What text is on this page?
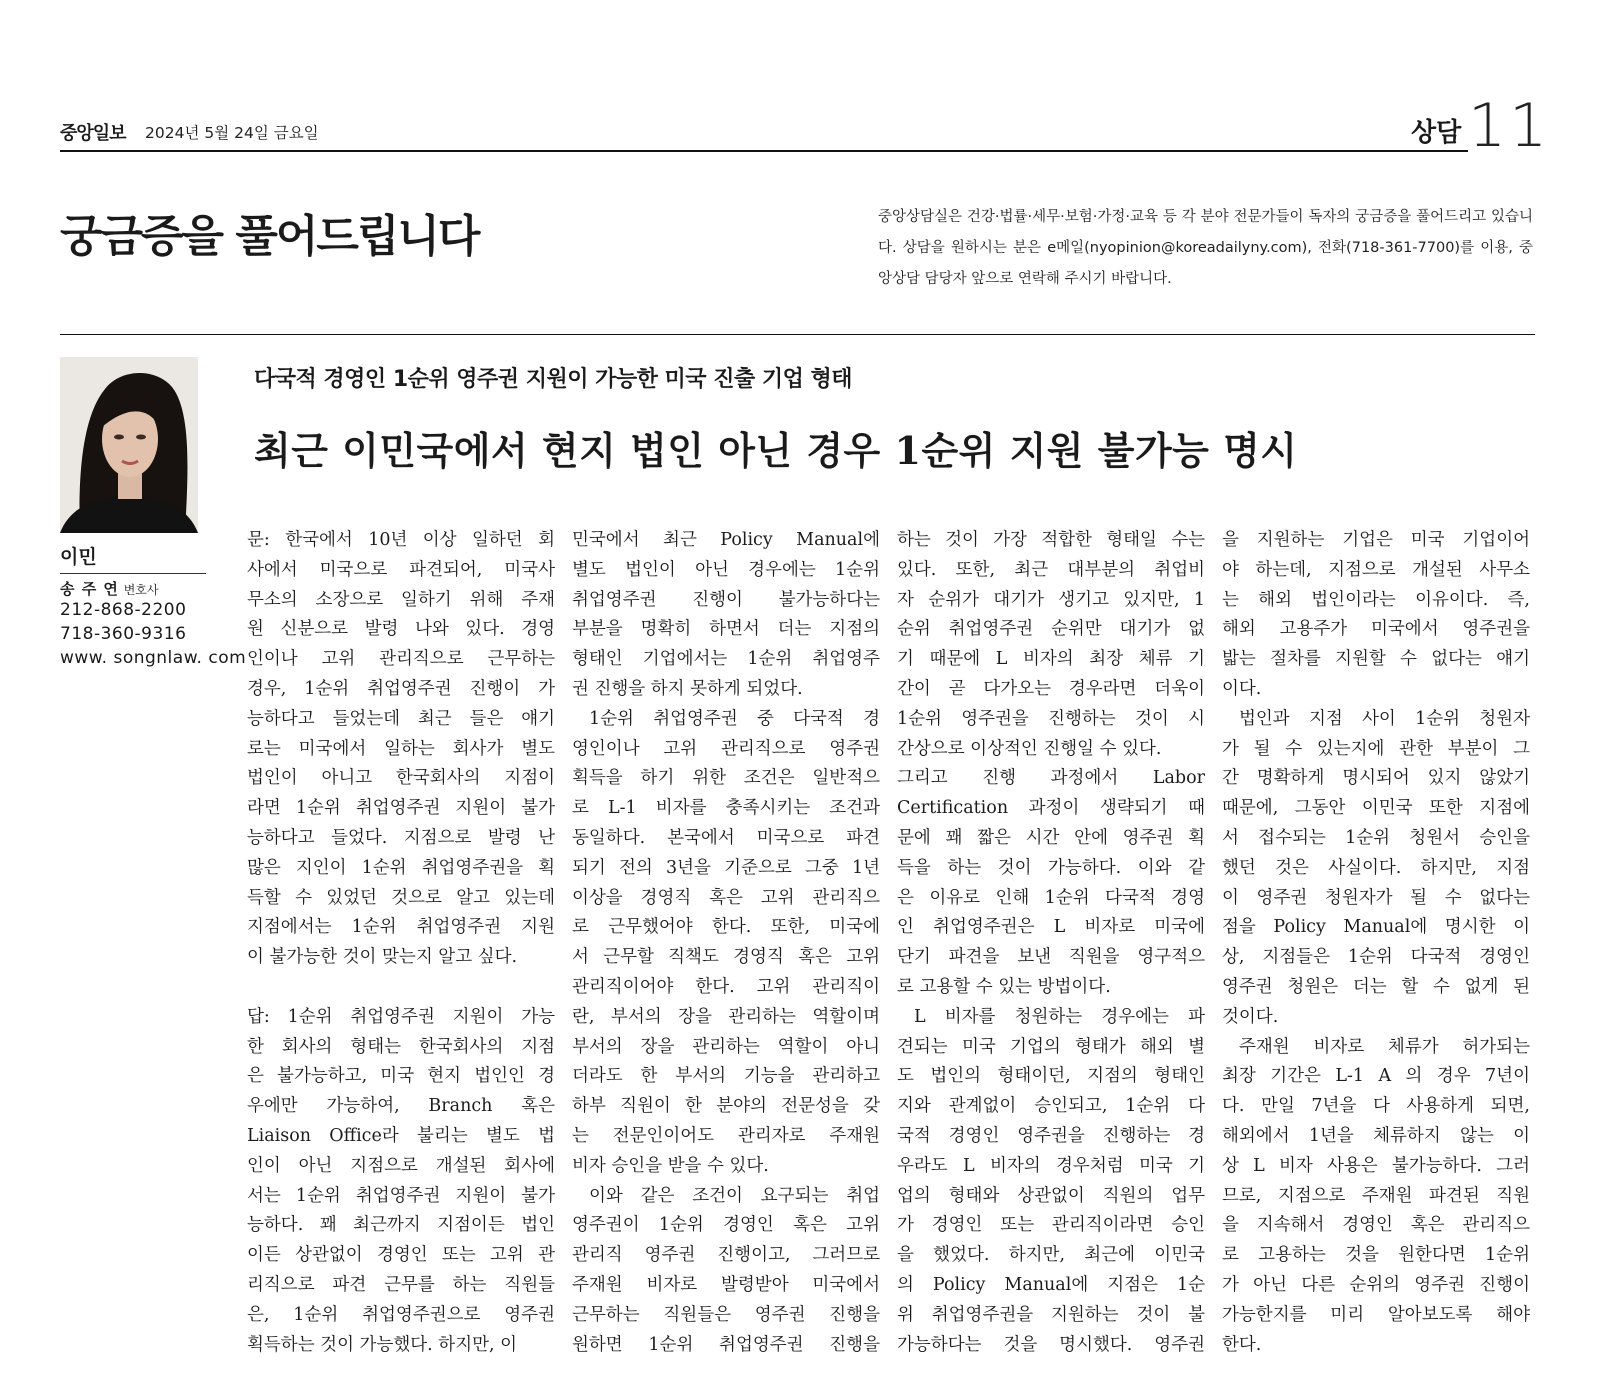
중앙일보 2024년 5월 24일 금요일	상담 11
궁금증을 풀어드립니다	중앙상담실은 건강·법률·세무·보험·가정·교육 등 각 분야 전문가들이 독자의 궁금증을 풀어드리고 있습니다. 상담을 원하시는 분은 e메일(nyopinion@koreadailyny.com), 전화(718-361-7700)를 이용, 중앙상담 담당자 앞으로 연락해 주시기 바랍니다.
이민
송 주 연 변호사
212-868-2200
718-360-9316
www. songnlaw. com
다국적 경영인 1순위 영주권 지원이 가능한 미국 진출 기업 형태
최근 이민국에서 현지 법인 아닌 경우 1순위 지원 불가능 명시
문: 한국에서 10년 이상 일하던 회
사에서 미국으로 파견되어, 미국사
무소의 소장으로 일하기 위해 주재
원 신분으로 발령 나와 있다. 경영
인이나 고위 관리직으로 근무하는
경우, 1순위 취업영주권 진행이 가
능하다고 들었는데 최근 들은 얘기
로는 미국에서 일하는 회사가 별도
법인이 아니고 한국회사의 지점이
라면 1순위 취업영주권 지원이 불가
능하다고 들었다. 지점으로 발령 난
많은 지인이 1순위 취업영주권을 획
득할 수 있었던 것으로 알고 있는데
지점에서는 1순위 취업영주권 지원
이 불가능한 것이 맞는지 알고 싶다.
답: 1순위 취업영주권 지원이 가능
한 회사의 형태는 한국회사의 지점
은 불가능하고, 미국 현지 법인인 경
우에만 가능하여, Branch 혹은
Liaison Office라 불리는 별도 법
인이 아닌 지점으로 개설된 회사에
서는 1순위 취업영주권 지원이 불가
능하다. 꽤 최근까지 지점이든 법인
이든 상관없이 경영인 또는 고위 관
리직으로 파견 근무를 하는 직원들
은, 1순위 취업영주권으로 영주권
획득하는 것이 가능했다. 하지만, 이
민국에서 최근 Policy Manual에
별도 법인이 아닌 경우에는 1순위
취업영주권 진행이 불가능하다는
부분을 명확히 하면서 더는 지점의
형태인 기업에서는 1순위 취업영주
권 진행을 하지 못하게 되었다.
1순위 취업영주권 중 다국적 경
영인이나 고위 관리직으로 영주권
획득을 하기 위한 조건은 일반적으
로 L-1 비자를 충족시키는 조건과
동일하다. 본국에서 미국으로 파견
되기 전의 3년을 기준으로 그중 1년
이상을 경영직 혹은 고위 관리직으
로 근무했어야 한다. 또한, 미국에
서 근무할 직책도 경영직 혹은 고위
관리직이어야 한다. 고위 관리직이
란, 부서의 장을 관리하는 역할이며
부서의 장을 관리하는 역할이 아니
더라도 한 부서의 기능을 관리하고
하부 직원이 한 분야의 전문성을 갖
는 전문인이어도 관리자로 주재원
비자 승인을 받을 수 있다.
이와 같은 조건이 요구되는 취업
영주권이 1순위 경영인 혹은 고위
관리직 영주권 진행이고, 그러므로
주재원 비자로 발령받아 미국에서
근무하는 직원들은 영주권 진행을
원하면 1순위 취업영주권 진행을
하는 것이 가장 적합한 형태일 수는
있다. 또한, 최근 대부분의 취업비
자 순위가 대기가 생기고 있지만, 1
순위 취업영주권 순위만 대기가 없
기 때문에 L 비자의 최장 체류 기
간이 곧 다가오는 경우라면 더욱이
1순위 영주권을 진행하는 것이 시
간상으로 이상적인 진행일 수 있다.
그리고 진행 과정에서 Labor
Certification 과정이 생략되기 때
문에 꽤 짧은 시간 안에 영주권 획
득을 하는 것이 가능하다. 이와 같
은 이유로 인해 1순위 다국적 경영
인 취업영주권은 L 비자로 미국에
단기 파견을 보낸 직원을 영구적으
로 고용할 수 있는 방법이다.
L 비자를 청원하는 경우에는 파
견되는 미국 기업의 형태가 해외 별
도 법인의 형태이던, 지점의 형태인
지와 관계없이 승인되고, 1순위 다
국적 경영인 영주권을 진행하는 경
우라도 L 비자의 경우처럼 미국 기
업의 형태와 상관없이 직원의 업무
가 경영인 또는 관리직이라면 승인
을 했었다. 하지만, 최근에 이민국
의 Policy Manual에 지점은 1순
위 취업영주권을 지원하는 것이 불
가능하다는 것을 명시했다. 영주권
을 지원하는 기업은 미국 기업이어
야 하는데, 지점으로 개설된 사무소
는 해외 법인이라는 이유이다. 즉,
해외 고용주가 미국에서 영주권을
밟는 절차를 지원할 수 없다는 얘기
이다.
법인과 지점 사이 1순위 청원자
가 될 수 있는지에 관한 부분이 그
간 명확하게 명시되어 있지 않았기
때문에, 그동안 이민국 또한 지점에
서 접수되는 1순위 청원서 승인을
했던 것은 사실이다. 하지만, 지점
이 영주권 청원자가 될 수 없다는
점을 Policy Manual에 명시한 이
상, 지점들은 1순위 다국적 경영인
영주권 청원은 더는 할 수 없게 된
것이다.
주재원 비자로 체류가 허가되는
최장 기간은 L-1 A 의 경우 7년이
다. 만일 7년을 다 사용하게 되면,
해외에서 1년을 체류하지 않는 이
상 L 비자 사용은 불가능하다. 그러
므로, 지점으로 주재원 파견된 직원
을 지속해서 경영인 혹은 관리직으
로 고용하는 것을 원한다면 1순위
가 아닌 다른 순위의 영주권 진행이
가능한지를 미리 알아보도록 해야
한다.
